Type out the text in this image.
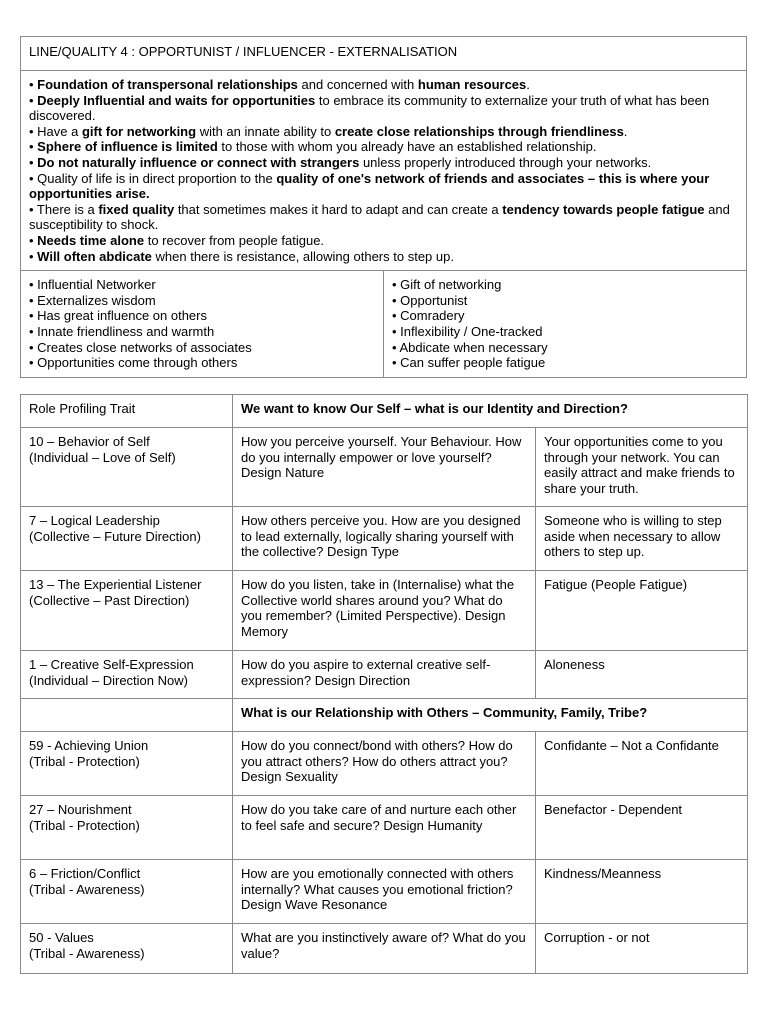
LINE/QUALITY 4 : OPPORTUNIST / INFLUENCER - EXTERNALISATION

• Foundation of transpersonal relationships and concerned with human resources.
• Deeply Influential and waits for opportunities to embrace its community to externalize your truth of what has been discovered.
• Have a gift for networking with an innate ability to create close relationships through friendliness.
• Sphere of influence is limited to those with whom you already have an established relationship.
• Do not naturally influence or connect with strangers unless properly introduced through your networks.
• Quality of life is in direct proportion to the quality of one's network of friends and associates – this is where your opportunities arise.
• There is a fixed quality that sometimes makes it hard to adapt and can create a tendency towards people fatigue and susceptibility to shock.
• Needs time alone to recover from people fatigue.
• Will often abdicate when there is resistance, allowing others to step up.

• Influential Networker
• Externalizes wisdom
• Has great influence on others
• Innate friendliness and warmth
• Creates close networks of associates
• Opportunities come through others

• Gift of networking
• Opportunist
• Comradery
• Inflexibility / One-tracked
• Abdicate when necessary
• Can suffer people fatigue
Role Profiling Trait	We want to know Our Self – what is our Identity and Direction?	
10 – Behavior of Self
(Individual – Love of Self)	How you perceive yourself. Your Behaviour. How do you internally empower or love yourself? Design Nature	Your opportunities come to you through your network. You can easily attract and make friends to share your truth.
7 – Logical Leadership
(Collective – Future Direction)	How others perceive you. How are you designed to lead externally, logically sharing yourself with the collective? Design Type	Someone who is willing to step aside when necessary to allow others to step up.
13 – The Experiential Listener
(Collective – Past Direction)	How do you listen, take in (Internalise) what the Collective world shares around you? What do you remember? (Limited Perspective). Design Memory	Fatigue (People Fatigue)
1 – Creative Self-Expression
(Individual – Direction Now)	How do you aspire to external creative self-expression? Design Direction	Aloneness
	What is our Relationship with Others – Community, Family, Tribe?	
59 - Achieving Union
(Tribal - Protection)	How do you connect/bond with others? How do you attract others? How do others attract you? Design Sexuality	Confidante – Not a Confidante
27 – Nourishment
(Tribal - Protection)	How do you take care of and nurture each other to feel safe and secure? Design Humanity	Benefactor - Dependent
6 – Friction/Conflict
(Tribal - Awareness)	How are you emotionally connected with others internally? What causes you emotional friction? Design Wave Resonance	Kindness/Meanness
50 - Values
(Tribal - Awareness)	What are you instinctively aware of? What do you value?	Corruption - or not
